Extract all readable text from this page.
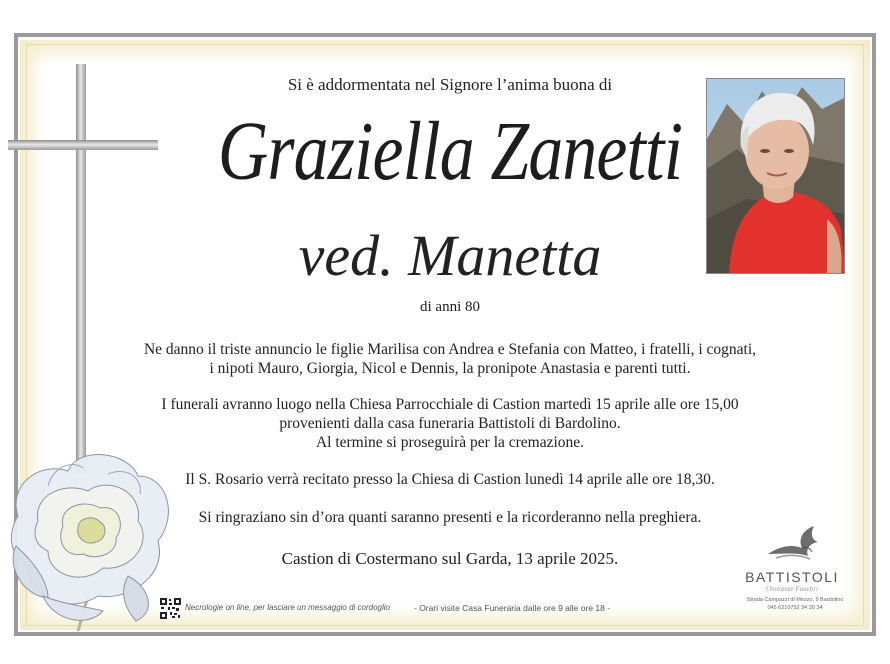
Si è addormentata nel Signore l’anima buona di
Graziella Zanetti
ved. Manetta
di anni 80
Ne danno il triste annuncio le figlie Marilisa con Andrea e Stefania con Matteo, i fratelli, i cognati,
i nipoti Mauro, Giorgia, Nicol e Dennis, la pronipote Anastasia e parenti tutti.
I funerali avranno luogo nella Chiesa Parrocchiale di Castion martedì 15 aprile alle ore 15,00
provenienti dalla casa funeraria Battistoli di Bardolino.
Al termine si proseguirà per la cremazione.
Il S. Rosario verrà recitato presso la Chiesa di Castion lunedì 14 aprile alle ore 18,30.
Si ringraziano sin d’ora quanti saranno presenti e la ricorderanno nella preghiera.
Castion di Costermano sul Garda, 13 aprile 2025.
Necrologie on line, per lasciare un messaggio di cordoglio	- Orari visite Casa Funeraria dalle ore 9 alle ore 18 -
BATTISTOLI
Onoranze Funebri
Strada Campazzi di Mezzo, 9 Bardolino
045 6210752 34 30 34
